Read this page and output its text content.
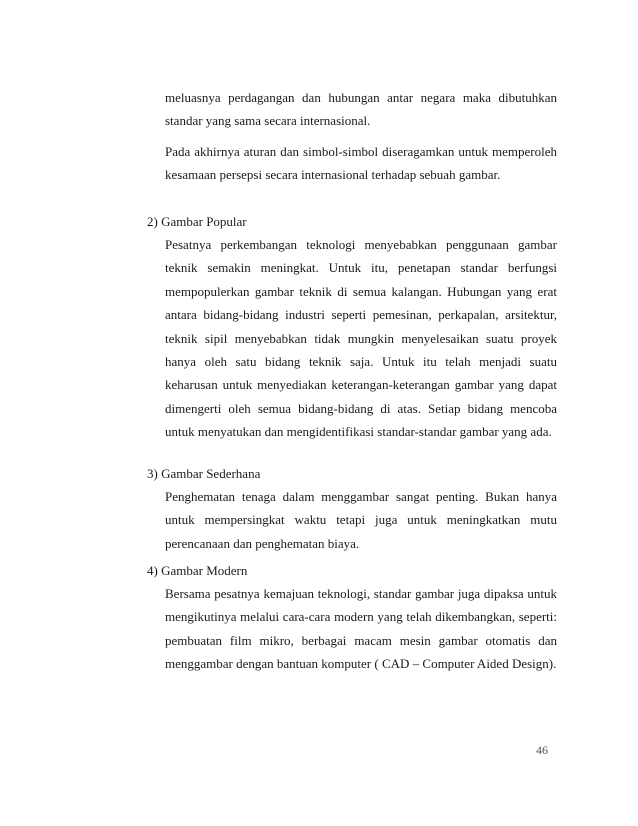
meluasnya perdagangan dan hubungan antar negara maka dibutuhkan standar yang sama secara internasional.

Pada akhirnya aturan dan simbol-simbol diseragamkan untuk memperoleh kesamaan persepsi secara internasional terhadap sebuah gambar.

2) Gambar Popular

Pesatnya perkembangan teknologi menyebabkan penggunaan gambar teknik semakin meningkat. Untuk itu, penetapan standar berfungsi mempopulerkan gambar teknik di semua kalangan. Hubungan yang erat antara bidang-bidang industri seperti pemesinan, perkapalan, arsitektur, teknik sipil menyebabkan tidak mungkin menyelesaikan suatu proyek hanya oleh satu bidang teknik saja. Untuk itu telah menjadi suatu keharusan untuk menyediakan keterangan-keterangan gambar yang dapat dimengerti oleh semua bidang-bidang di atas. Setiap bidang mencoba untuk menyatukan dan mengidentifikasi standar-standar gambar yang ada.

3) Gambar Sederhana

Penghematan tenaga dalam menggambar sangat penting. Bukan hanya untuk mempersingkat waktu tetapi juga untuk meningkatkan mutu perencanaan dan penghematan biaya.

4) Gambar Modern

Bersama pesatnya kemajuan teknologi, standar gambar juga dipaksa untuk mengikutinya melalui cara-cara modern yang telah dikembangkan, seperti: pembuatan film mikro, berbagai macam mesin gambar otomatis dan menggambar dengan bantuan komputer ( CAD – Computer Aided Design).

46
